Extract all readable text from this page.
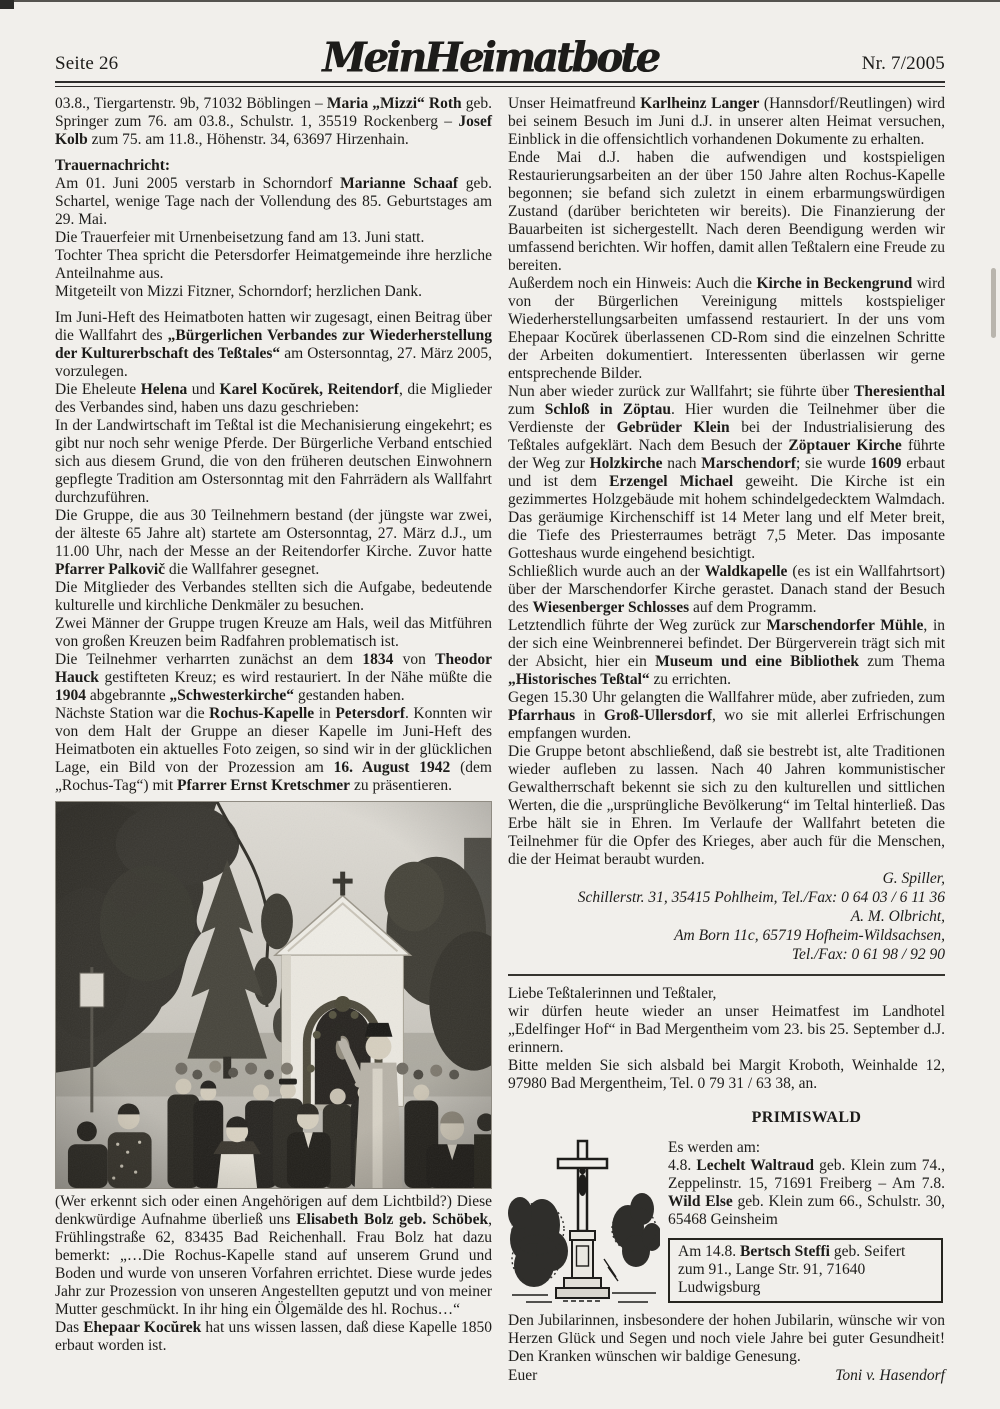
Seite 26	MeinHeimatbote	Nr. 7/2005

03.8., Tiergartenstr. 9b, 71032 Böblingen – Maria „Mizzi“ Roth geb. Springer zum 76. am 03.8., Schulstr. 1, 35519 Rockenberg – Josef Kolb zum 75. am 11.8., Höhenstr. 34, 63697 Hirzenhain.

Trauernachricht:

Am 01. Juni 2005 verstarb in Schorndorf Marianne Schaaf geb. Schartel, wenige Tage nach der Vollendung des 85. Geburtstages am 29. Mai.

Die Trauerfeier mit Urnenbeisetzung fand am 13. Juni statt.

Tochter Thea spricht die Petersdorfer Heimatgemeinde ihre herzliche Anteilnahme aus.

Mitgeteilt von Mizzi Fitzner, Schorndorf; herzlichen Dank.

Im Juni-Heft des Heimatboten hatten wir zugesagt, einen Beitrag über die Wallfahrt des „Bürgerlichen Verbandes zur Wiederherstellung der Kulturerbschaft des Teßtales“ am Ostersonntag, 27. März 2005, vorzulegen.

Die Eheleute Helena und Karel Kocŭrek, Reitendorf, die Miglieder des Verbandes sind, haben uns dazu geschrieben:

In der Landwirtschaft im Teßtal ist die Mechanisierung eingekehrt; es gibt nur noch sehr wenige Pferde. Der Bürgerliche Verband entschied sich aus diesem Grund, die von den früheren deutschen Einwohnern gepflegte Tradition am Ostersonntag mit den Fahrrädern als Wallfahrt durchzuführen.

Die Gruppe, die aus 30 Teilnehmern bestand (der jüngste war zwei, der älteste 65 Jahre alt) startete am Ostersonntag, 27. März d.J., um 11.00 Uhr, nach der Messe an der Reitendorfer Kirche. Zuvor hatte Pfarrer Palkovič die Wallfahrer gesegnet.

Die Mitglieder des Verbandes stellten sich die Aufgabe, bedeutende kulturelle und kirchliche Denkmäler zu besuchen.

Zwei Männer der Gruppe trugen Kreuze am Hals, weil das Mitführen von großen Kreuzen beim Radfahren problematisch ist.

Die Teilnehmer verharrten zunächst an dem 1834 von Theodor Hauck gestifteten Kreuz; es wird restauriert. In der Nähe müßte die 1904 abgebrannte „Schwesterkirche“ gestanden haben.

Nächste Station war die Rochus-Kapelle in Petersdorf. Konnten wir von dem Halt der Gruppe an dieser Kapelle im Juni-Heft des Heimatboten ein aktuelles Foto zeigen, so sind wir in der glücklichen Lage, ein Bild von der Prozession am 16. August 1942 (dem „Rochus-Tag“) mit Pfarrer Ernst Kretschmer zu präsentieren.

(Wer erkennt sich oder einen Angehörigen auf dem Lichtbild?) Diese denkwürdige Aufnahme überließ uns Elisabeth Bolz geb. Schöbek, Frühlingstraße 62, 83435 Bad Reichenhall. Frau Bolz hat dazu bemerkt: „…Die Rochus-Kapelle stand auf unserem Grund und Boden und wurde von unseren Vorfahren errichtet. Diese wurde jedes Jahr zur Prozession von unseren Angestellten geputzt und von meiner Mutter geschmückt. In ihr hing ein Ölgemälde des hl. Rochus…“

Das Ehepaar Kocŭrek hat uns wissen lassen, daß diese Kapelle 1850 erbaut worden ist.

Unser Heimatfreund Karlheinz Langer (Hannsdorf/Reutlingen) wird bei seinem Besuch im Juni d.J. in unserer alten Heimat versuchen, Einblick in die offensichtlich vorhandenen Dokumente zu erhalten.

Ende Mai d.J. haben die aufwendigen und kostspieligen Restaurierungsarbeiten an der über 150 Jahre alten Rochus-Kapelle begonnen; sie befand sich zuletzt in einem erbarmungswürdigen Zustand (darüber berichteten wir bereits). Die Finanzierung der Bauarbeiten ist sichergestellt. Nach deren Beendigung werden wir umfassend berichten. Wir hoffen, damit allen Teßtalern eine Freude zu bereiten.

Außerdem noch ein Hinweis: Auch die Kirche in Beckengrund wird von der Bürgerlichen Vereinigung mittels kostspieliger Wiederherstellungsarbeiten umfassend restauriert. In der uns vom Ehepaar Kocŭrek überlassenen CD-Rom sind die einzelnen Schritte der Arbeiten dokumentiert. Interessenten überlassen wir gerne entsprechende Bilder.

Nun aber wieder zurück zur Wallfahrt; sie führte über Theresienthal zum Schloß in Zöptau. Hier wurden die Teilnehmer über die Verdienste der Gebrüder Klein bei der Industrialisierung des Teßtales aufgeklärt. Nach dem Besuch der Zöptauer Kirche führte der Weg zur Holzkirche nach Marschendorf; sie wurde 1609 erbaut und ist dem Erzengel Michael geweiht. Die Kirche ist ein gezimmertes Holzgebäude mit hohem schindelgedecktem Walmdach. Das geräumige Kirchenschiff ist 14 Meter lang und elf Meter breit, die Tiefe des Priesterraumes beträgt 7,5 Meter. Das imposante Gotteshaus wurde eingehend besichtigt.

Schließlich wurde auch an der Waldkapelle (es ist ein Wallfahrtsort) über der Marschendorfer Kirche gerastet. Danach stand der Besuch des Wiesenberger Schlosses auf dem Programm.

Letztendlich führte der Weg zurück zur Marschendorfer Mühle, in der sich eine Weinbrennerei befindet. Der Bürgerverein trägt sich mit der Absicht, hier ein Museum und eine Bibliothek zum Thema „Historisches Teßtal“ zu errichten.

Gegen 15.30 Uhr gelangten die Wallfahrer müde, aber zufrieden, zum Pfarrhaus in Groß-Ullersdorf, wo sie mit allerlei Erfrischungen empfangen wurden.

Die Gruppe betont abschließend, daß sie bestrebt ist, alte Traditionen wieder aufleben zu lassen. Nach 40 Jahren kommunistischer Gewaltherrschaft bekennt sie sich zu den kulturellen und sittlichen Werten, die die „ursprüngliche Bevölkerung“ im Teltal hinterließ. Das Erbe hält sie in Ehren. Im Verlaufe der Wallfahrt beteten die Teilnehmer für die Opfer des Krieges, aber auch für die Menschen, die der Heimat beraubt wurden.

G. Spiller,

Schillerstr. 31, 35415 Pohlheim, Tel./Fax: 0 64 03 / 6 11 36

A. M. Olbricht,

Am Born 11c, 65719 Hofheim-Wildsachsen,

Tel./Fax: 0 61 98 / 92 90

Liebe Teßtalerinnen und Teßtaler,

wir dürfen heute wieder an unser Heimatfest im Landhotel „Edelfinger Hof“ in Bad Mergentheim vom 23. bis 25. September d.J. erinnern.

Bitte melden Sie sich alsbald bei Margit Kroboth, Weinhalde 12, 97980 Bad Mergentheim, Tel. 0 79 31 / 63 38, an.

PRIMISWALD

Es werden am:

4.8. Lechelt Waltraud geb. Klein zum 74., Zeppelinstr. 15, 71691 Freiberg – Am 7.8. Wild Else geb. Klein zum 66., Schulstr. 30, 65468 Geinsheim

Am 14.8. Bertsch Steffi geb. Seifert zum 91., Lange Str. 91, 71640 Ludwigsburg

Den Jubilarinnen, insbesondere der hohen Jubilarin, wünsche wir von Herzen Glück und Segen und noch viele Jahre bei guter Gesundheit! Den Kranken wünschen wir baldige Genesung.

Euer	Toni v. Hasendorf
